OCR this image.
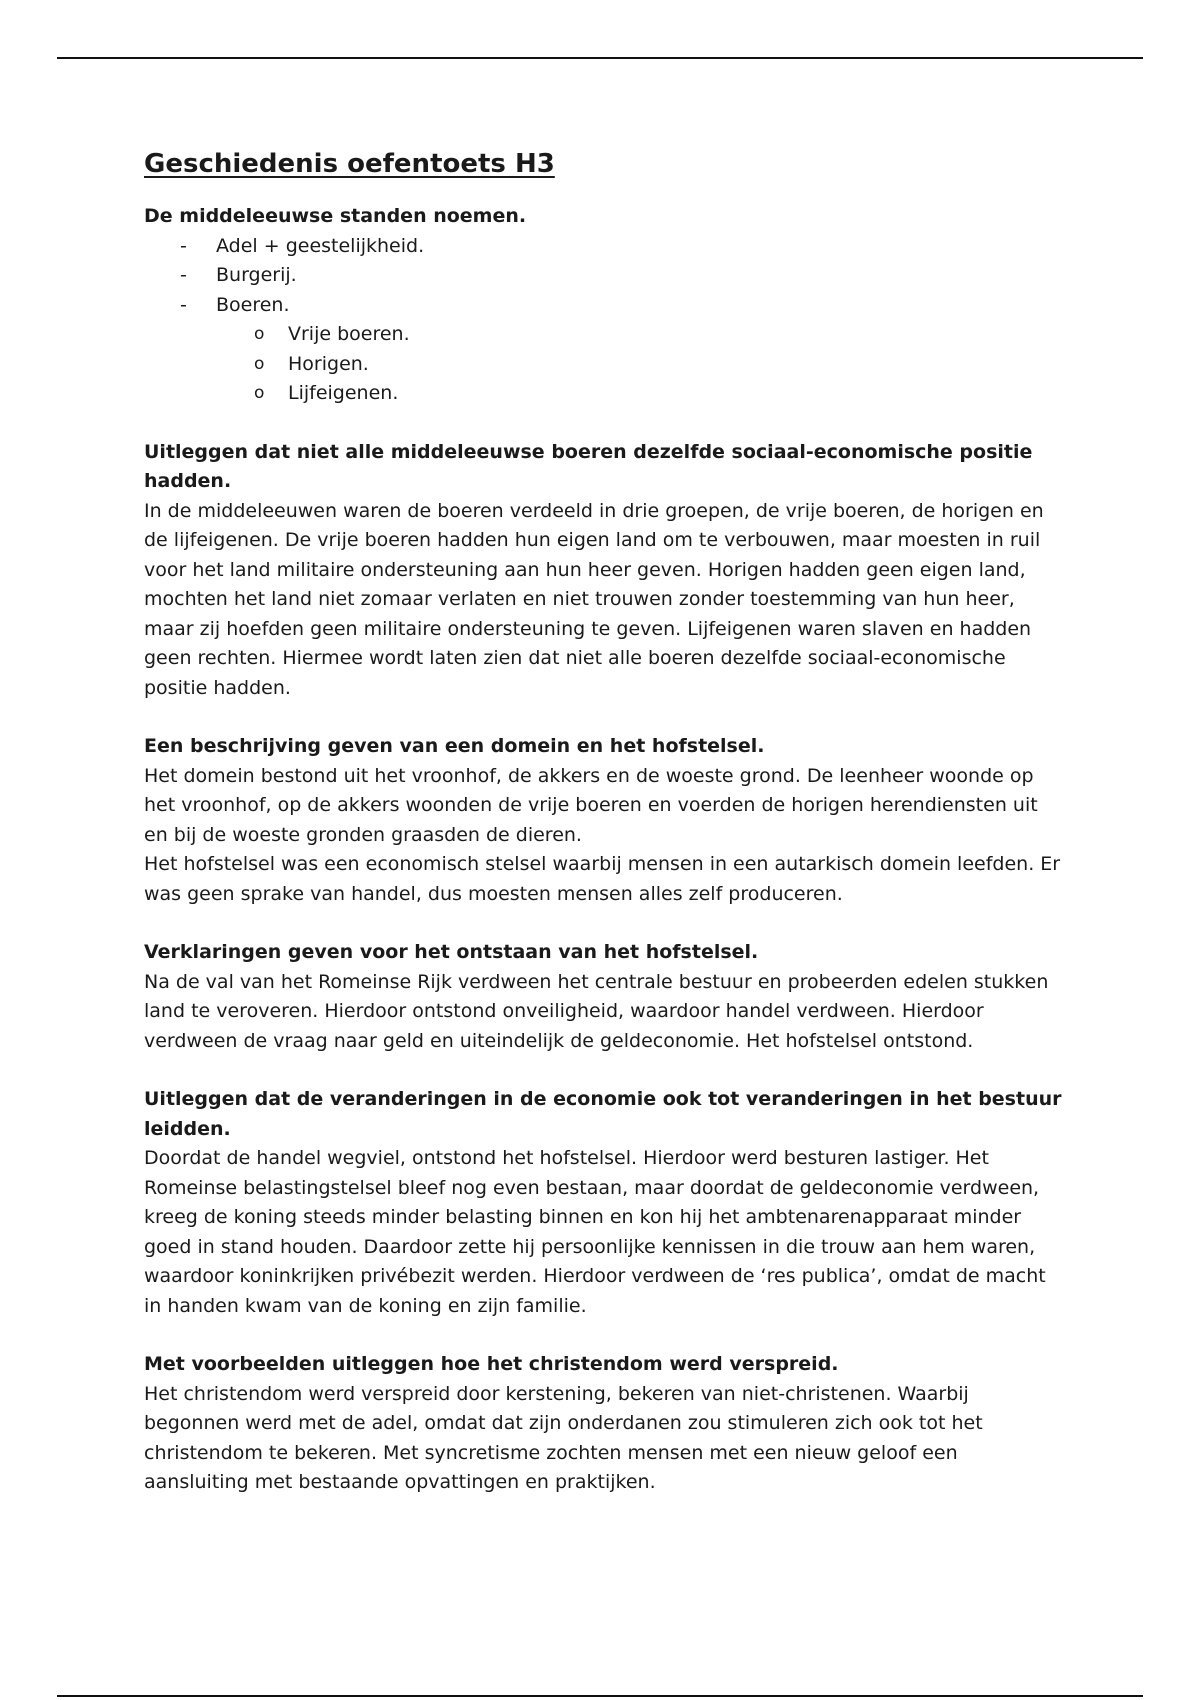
Geschiedenis oefentoets H3

De middeleeuwse standen noemen.

- Adel + geestelijkheid.
- Burgerij.
- Boeren.
o Vrije boeren.
o Horigen.
o Lijfeigenen.

Uitleggen dat niet alle middeleeuwse boeren dezelfde sociaal-economische positie hadden.

In de middeleeuwen waren de boeren verdeeld in drie groepen, de vrije boeren, de horigen en de lijfeigenen. De vrije boeren hadden hun eigen land om te verbouwen, maar moesten in ruil voor het land militaire ondersteuning aan hun heer geven. Horigen hadden geen eigen land, mochten het land niet zomaar verlaten en niet trouwen zonder toestemming van hun heer, maar zij hoefden geen militaire ondersteuning te geven. Lijfeigenen waren slaven en hadden geen rechten. Hiermee wordt laten zien dat niet alle boeren dezelfde sociaal-economische positie hadden.

Een beschrijving geven van een domein en het hofstelsel.

Het domein bestond uit het vroonhof, de akkers en de woeste grond. De leenheer woonde op het vroonhof, op de akkers woonden de vrije boeren en voerden de horigen herendiensten uit en bij de woeste gronden graasden de dieren.

Het hofstelsel was een economisch stelsel waarbij mensen in een autarkisch domein leefden. Er was geen sprake van handel, dus moesten mensen alles zelf produceren.

Verklaringen geven voor het ontstaan van het hofstelsel.

Na de val van het Romeinse Rijk verdween het centrale bestuur en probeerden edelen stukken land te veroveren. Hierdoor ontstond onveiligheid, waardoor handel verdween. Hierdoor verdween de vraag naar geld en uiteindelijk de geldeconomie. Het hofstelsel ontstond.

Uitleggen dat de veranderingen in de economie ook tot veranderingen in het bestuur leidden.

Doordat de handel wegviel, ontstond het hofstelsel. Hierdoor werd besturen lastiger. Het Romeinse belastingstelsel bleef nog even bestaan, maar doordat de geldeconomie verdween, kreeg de koning steeds minder belasting binnen en kon hij het ambtenarenapparaat minder goed in stand houden. Daardoor zette hij persoonlijke kennissen in die trouw aan hem waren, waardoor koninkrijken privébezit werden. Hierdoor verdween de ‘res publica’, omdat de macht in handen kwam van de koning en zijn familie.

Met voorbeelden uitleggen hoe het christendom werd verspreid.

Het christendom werd verspreid door kerstening, bekeren van niet-christenen. Waarbij begonnen werd met de adel, omdat dat zijn onderdanen zou stimuleren zich ook tot het christendom te bekeren. Met syncretisme zochten mensen met een nieuw geloof een aansluiting met bestaande opvattingen en praktijken.
